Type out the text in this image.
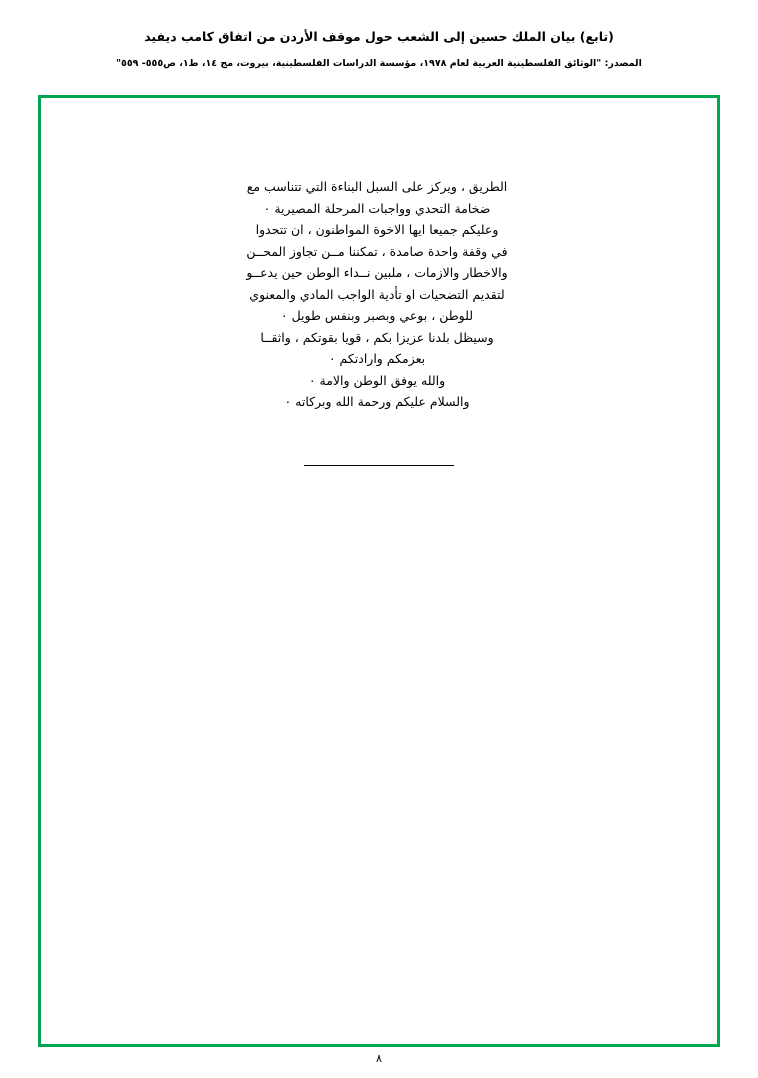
(تابع) بيان الملك حسين إلى الشعب حول موقف الأردن من اتفاق كامب ديفيد
المصدر: "الوثائق الفلسطينية العربية لعام ١٩٧٨، مؤسسة الدراسات الفلسطينية، بيروت، مج ١٤، ط١، ص٥٥٥- ٥٥٩"

الطريق ، ويركز على السبل البناءة التي تتناسب مع

ضخامة التحدي وواجبات المرحلة المصيرية ٠

وعليكم جميعا ايها الاخوة المواطنون ، ان تتحدوا

في وقفة واحدة صامدة ، تمكننا مــن تجاوز المحــن

والاخطار والازمات ، ملبين نــداء الوطن حين يدعــو

لتقديم التضحيات او تأدية الواجب المادي والمعنوي

للوطن ، بوعي وبصبر وبنفس طويل ٠

وسيظل بلدنا عزيزا بكم ، قويا بقوتكم ، واثقــا

بعزمكم وارادتكم ٠

والله يوفق الوطن والامة ٠

والسلام عليكم ورحمة الله وبركاته ٠

٨
